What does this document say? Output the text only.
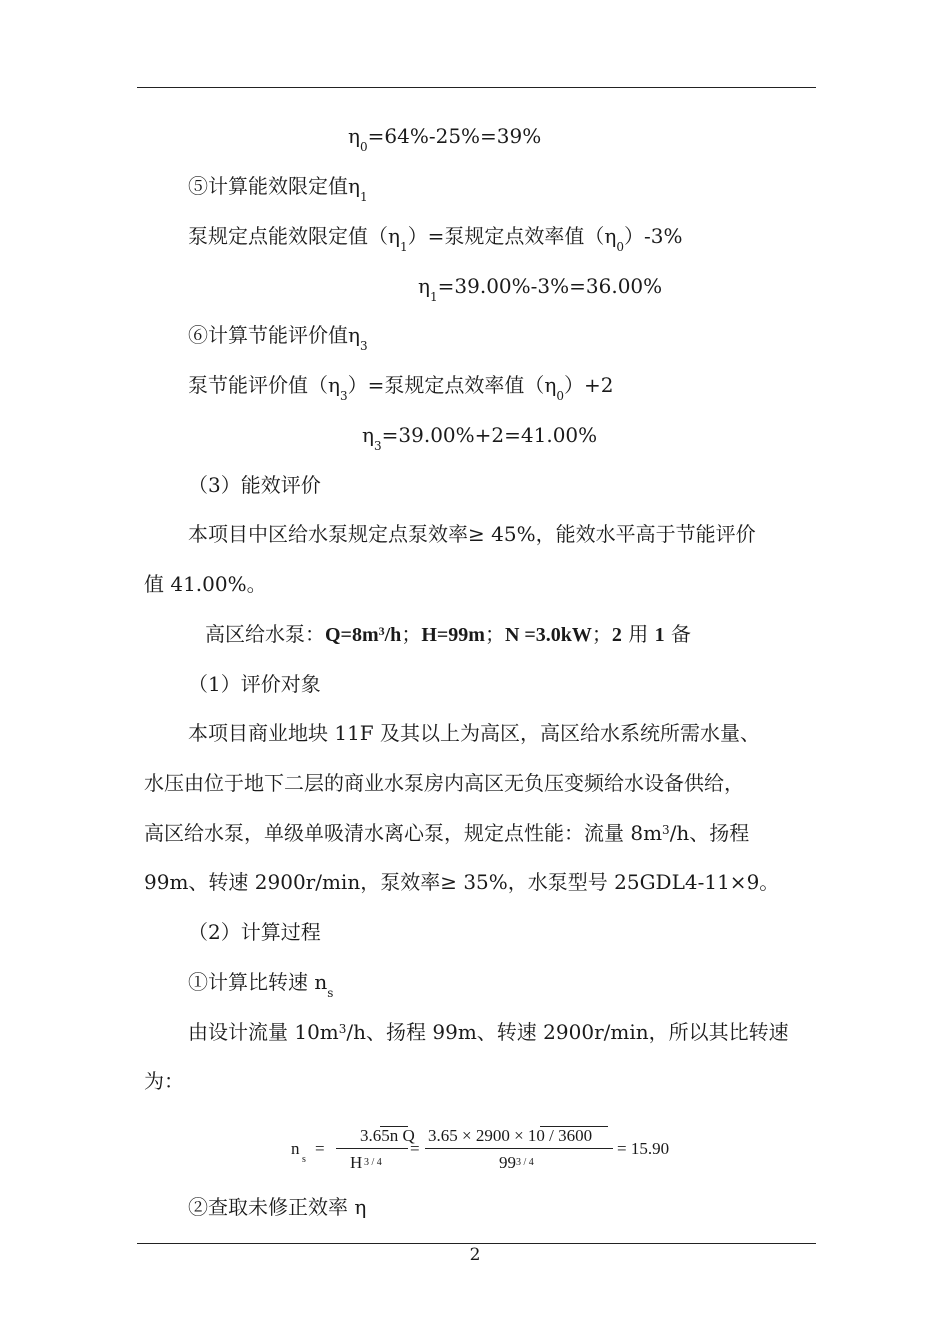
$\eta_0=64\%-25\%=39\%$
⑤计算能效限定值$\eta_1$
泵规定点能效限定值$(\eta_1)=$泵规定点效率值$(\eta_0)-3\%$
$\eta_1=39.00\%-3\%=36.00\%$
⑥计算节能评价值$\eta_3$
泵节能评价值$(\eta_3)=$泵规定点效率值$(\eta_0)+2$
$\eta_3=39.00\%+2=41.00\%$
（3）能效评价
本项目中区给水泵规定点泵效率≥ 45%，能效水平高于节能评价
值 41.00%。
高区给水泵：$Q=8m^3/h$；H=99m；N =3.0kW；2 用 1 备
（1）评价对象
本项目商业地块 11F 及其以上为高区，高区给水系统所需水量、
水压由位于地下二层的商业水泵房内高区无负压变频给水设备供给，
高区给水泵，单级单吸清水离心泵，规定点性能：流量 $8m^3/h$、扬程
99m、转速 2900r/min，泵效率≥ 35%，水泵型号 25GDL4-11×9。
（2）计算过程
①计算比转速 $n_s$
由设计流量 $10m^3/h$、扬程 99m、转速 2900r/min，所以其比转速
为：
n
s
=
3.65n Q
H 3 / 4
=
3.65 × 2900 × 10 / 3600
99 3 / 4
= 15.90
②查取未修正效率 η
2
